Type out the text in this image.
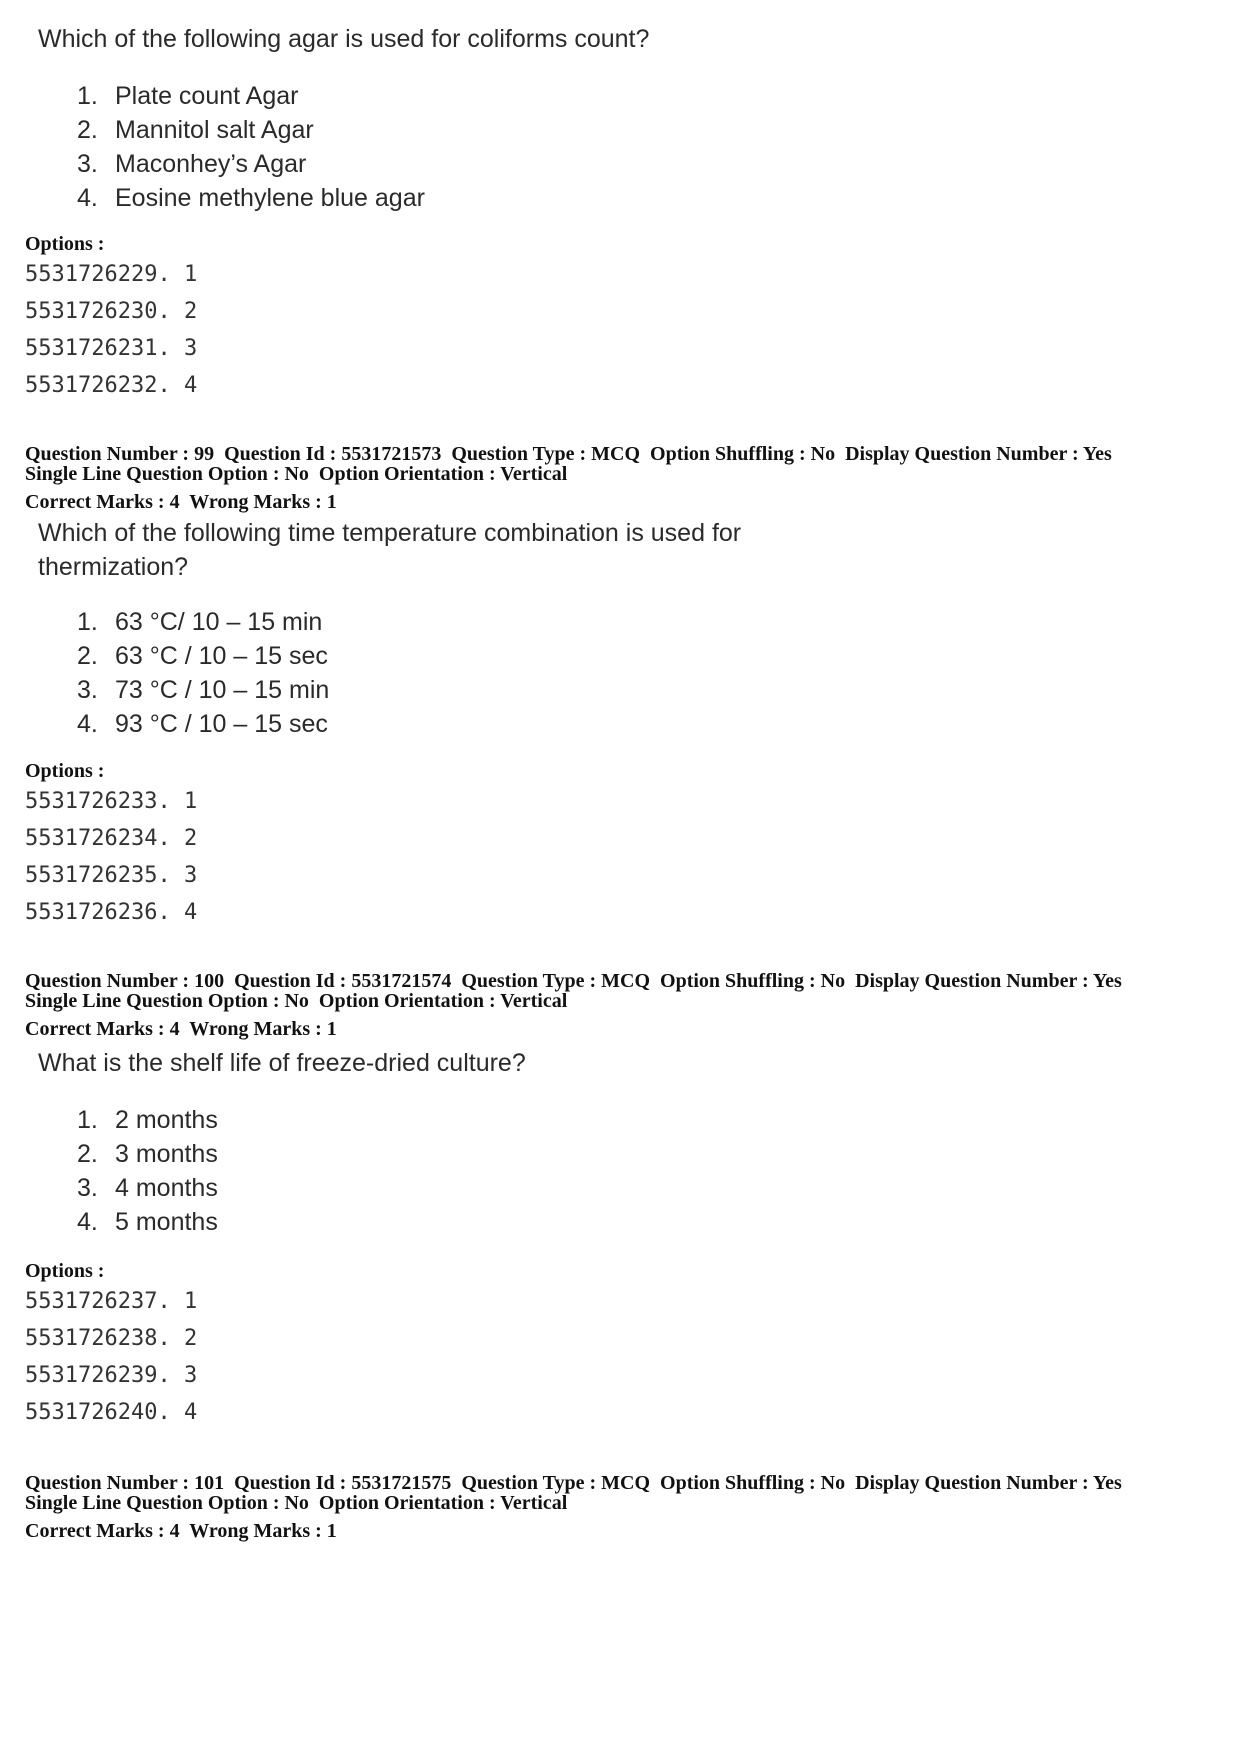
Which of the following agar is used for coliforms count?
1. Plate count Agar
2. Mannitol salt Agar
3. Maconhey’s Agar
4. Eosine methylene blue agar
Options :
5531726229. 1
5531726230. 2
5531726231. 3
5531726232. 4
Question Number : 99  Question Id : 5531721573  Question Type : MCQ  Option Shuffling : No  Display Question Number : Yes
Single Line Question Option : No  Option Orientation : Vertical
Correct Marks : 4  Wrong Marks : 1
Which of the following time temperature combination is used for
thermization?
1. 63 °C/ 10 – 15 min
2. 63 °C / 10 – 15 sec
3. 73 °C / 10 – 15 min
4. 93 °C / 10 – 15 sec
Options :
5531726233. 1
5531726234. 2
5531726235. 3
5531726236. 4
Question Number : 100  Question Id : 5531721574  Question Type : MCQ  Option Shuffling : No  Display Question Number : Yes
Single Line Question Option : No  Option Orientation : Vertical
Correct Marks : 4  Wrong Marks : 1
What is the shelf life of freeze-dried culture?
1. 2 months
2. 3 months
3. 4 months
4. 5 months
Options :
5531726237. 1
5531726238. 2
5531726239. 3
5531726240. 4
Question Number : 101  Question Id : 5531721575  Question Type : MCQ  Option Shuffling : No  Display Question Number : Yes
Single Line Question Option : No  Option Orientation : Vertical
Correct Marks : 4  Wrong Marks : 1
